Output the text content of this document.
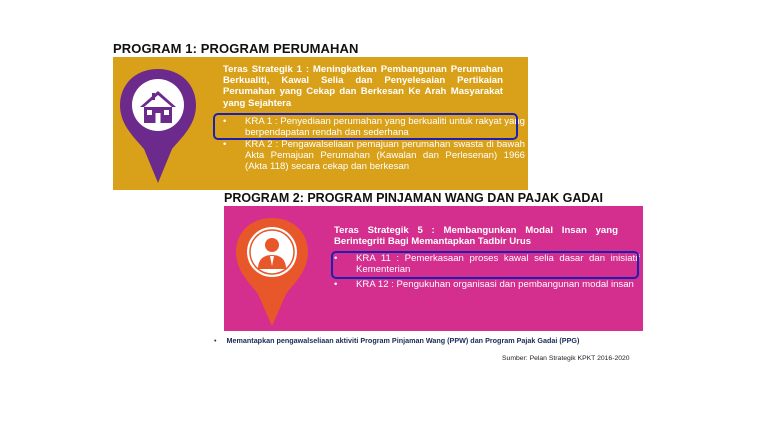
PROGRAM 1: PROGRAM PERUMAHAN
Teras Strategik 1 : Meningkatkan Pembangunan Perumahan Berkualiti, Kawal Selia dan Penyelesaian Pertikaian Perumahan yang Cekap dan Berkesan Ke Arah Masyarakat yang Sejahtera
• KRA 1 : Penyediaan perumahan yang berkualiti untuk rakyat yang berpendapatan rendah dan sederhana
• KRA 2 : Pengawalseliaan pemajuan perumahan swasta di bawah Akta Pemajuan Perumahan (Kawalan dan Perlesenan) 1966 (Akta 118) secara cekap dan berkesan
PROGRAM 2: PROGRAM PINJAMAN WANG DAN PAJAK GADAI
Teras Strategik 5 : Membangunkan Modal Insan yang Berintegriti Bagi Memantapkan Tadbir Urus
• KRA 11 : Pemerkasaan proses kawal selia dasar dan inisiatif Kementerian
• KRA 12 : Pengukuhan organisasi dan pembangunan modal insan
• Memantapkan pengawalseliaan aktiviti Program Pinjaman Wang (PPW) dan Program Pajak Gadai (PPG)
Sumber: Pelan Strategik KPKT 2016-2020
